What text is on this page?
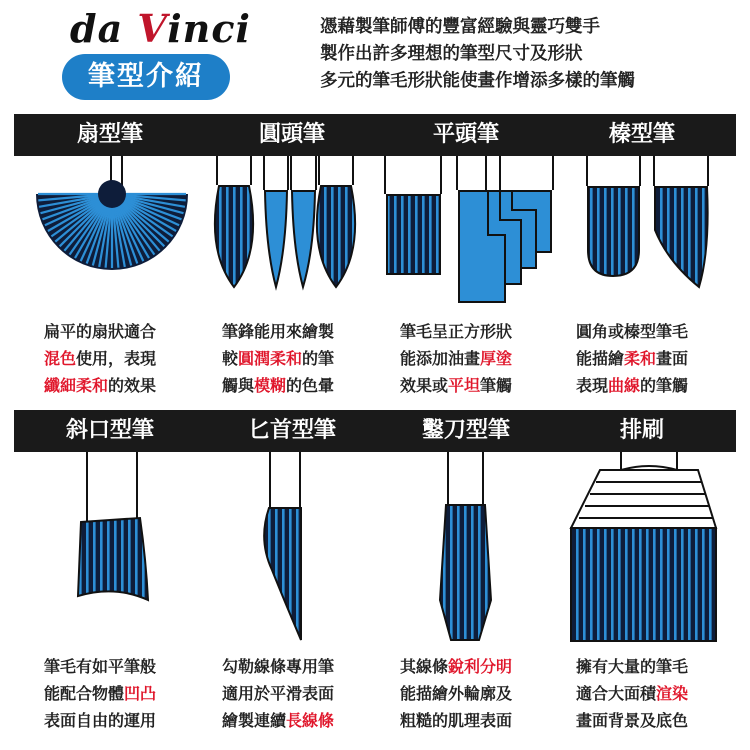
da Vinci
筆型介紹
憑藉製筆師傅的豐富經驗與靈巧雙手
製作出許多理想的筆型尺寸及形狀
多元的筆毛形狀能使畫作增添多樣的筆觸
扇型筆	圓頭筆	平頭筆	榛型筆
斜口型筆	匕首型筆	鑿刀型筆	排刷
扁平的扇狀適合
混色使用，表現
纖細柔和的效果
筆鋒能用來繪製
較圓潤柔和的筆
觸與模糊的色暈
筆毛呈正方形狀
能添加油畫厚塗
效果或平坦筆觸
圓角或榛型筆毛
能描繪柔和畫面
表現曲線的筆觸
筆毛有如平筆般
能配合物體凹凸
表面自由的運用
勾勒線條專用筆
適用於平滑表面
繪製連續長線條
其線條銳利分明
能描繪外輪廓及
粗糙的肌理表面
擁有大量的筆毛
適合大面積渲染
畫面背景及底色
